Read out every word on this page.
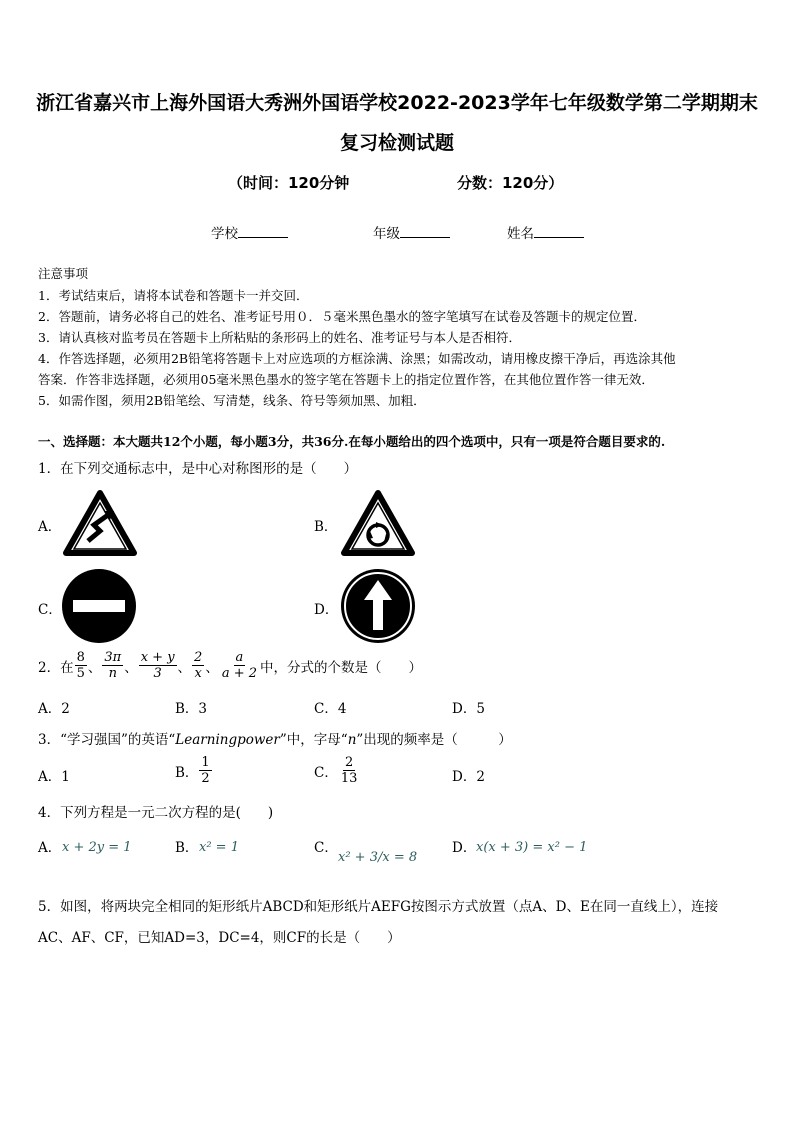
浙江省嘉兴市上海外国语大秀洲外国语学校2022-2023学年七年级数学第二学期期末
复习检测试题
（时间：120分钟	分数：120分）
学校	年级	姓名
注意事项
1．考试结束后，请将本试卷和答题卡一并交回．
2．答题前，请务必将自己的姓名、准考证号用０．５毫米黑色墨水的签字笔填写在试卷及答题卡的规定位置．
3．请认真核对监考员在答题卡上所粘贴的条形码上的姓名、准考证号与本人是否相符．
4．作答选择题，必须用2B铅笔将答题卡上对应选项的方框涂满、涂黑；如需改动，请用橡皮擦干净后，再选涂其他
答案．作答非选择题，必须用05毫米黑色墨水的签字笔在答题卡上的指定位置作答，在其他位置作答一律无效．
5．如需作图，须用2B铅笔绘、写清楚，线条、符号等须加黑、加粗．
一、选择题：本大题共12个小题，每小题3分，共36分.在每小题给出的四个选项中，只有一项是符合题目要求的.
1．在下列交通标志中，是中心对称图形的是（　　）
A．	B．
C．	D．
2．在 $\frac{8}{5}$ 、 $\frac{3\pi}{n}$ 、 $\frac{x + y}{3}$ 、 $\frac{2}{x}$ 、 $\frac{a}{a + 2}$ 中，分式的个数是（　　）
A．2	B．3	C．4	D．5
3．“学习强国”的英语“Learningpower”中，字母“n”出现的频率是（　　　）
A．1	B． $\frac{1}{2}$	C． $\frac{2}{13}$	D．2
4．下列方程是一元二次方程的是(　　)
A． x + 2y = 1	B． x² = 1	C．
x² + 3/x = 8
D． x(x + 3) = x² − 1
5．如图，将两块完全相同的矩形纸片ABCD和矩形纸片AEFG按图示方式放置（点A、D、E在同一直线上），连接
AC、AF、CF，已知AD=3，DC=4，则CF的长是（　　）
